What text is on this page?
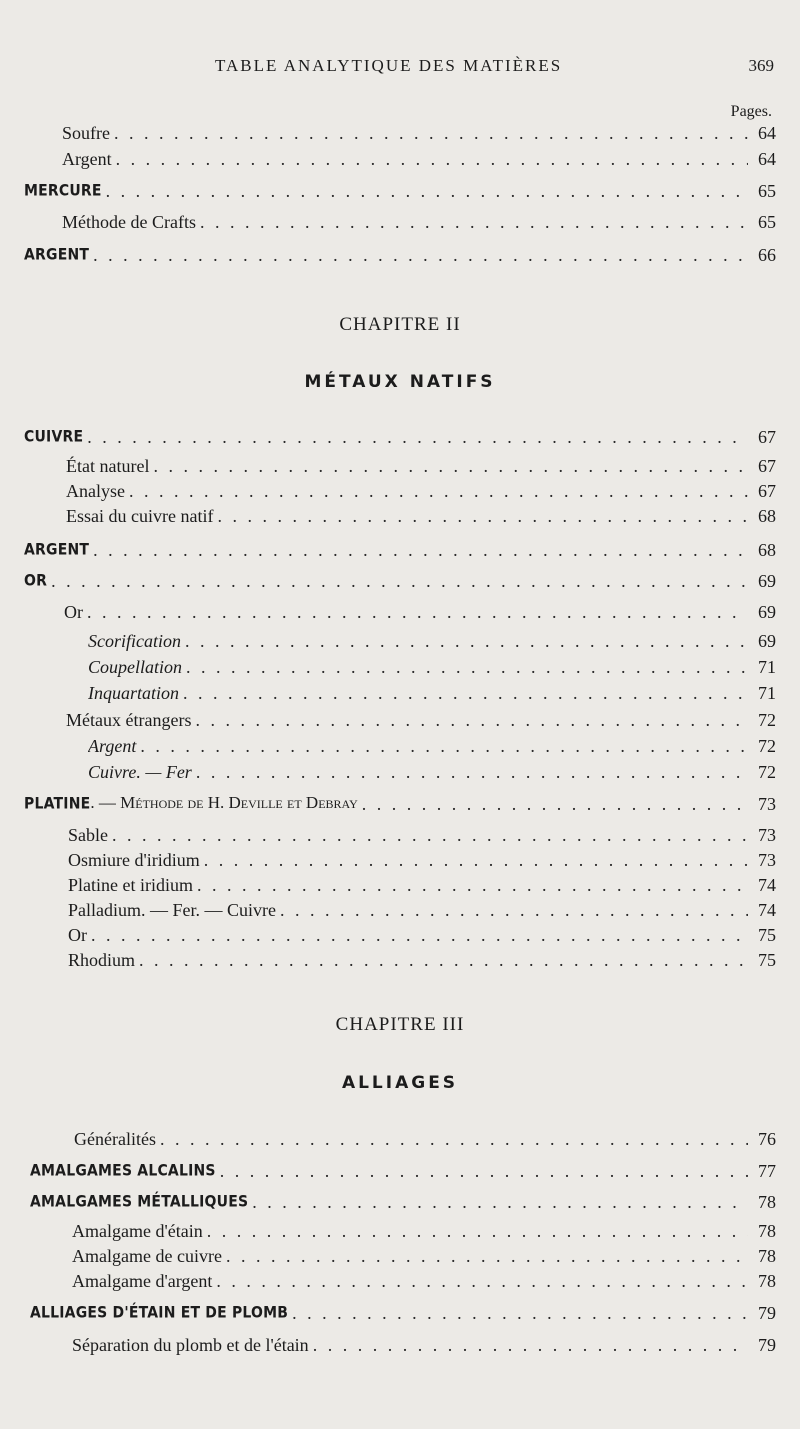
TABLE ANALYTIQUE DES MATIÈRES	369
Pages.
Soufre . . .	64
Argent . . .	64
MERCURE . . .	65
Méthode de Crafts . . .	65
ARGENT . . .	66
CHAPITRE II
MÉTAUX NATIFS
CUIVRE . . .	67
État naturel . . .	67
Analyse . . .	67
Essai du cuivre natif . . .	68
ARGENT . . .	68
OR . . .	69
Or . . .	69
Scorification . . .	69
Coupellation . . .	71
Inquartation . . .	71
Métaux étrangers . . .	72
Argent . . .	72
Cuivre. — Fer . . .	72
PLATINE. — Méthode de H. Deville et Debray . . .	73
Sable . . .	73
Osmiure d'iridium . . .	73
Platine et iridium . . .	74
Palladium. — Fer. — Cuivre . . .	74
Or . . .	75
Rhodium . . .	75
CHAPITRE III
ALLIAGES
Généralités . . .	76
AMALGAMES ALCALINS . . .	77
AMALGAMES MÉTALLIQUES . . .	78
Amalgame d'étain . . .	78
Amalgame de cuivre . . .	78
Amalgame d'argent . . .	78
ALLIAGES D'ÉTAIN ET DE PLOMB . . .	79
Séparation du plomb et de l'étain . . .	79
